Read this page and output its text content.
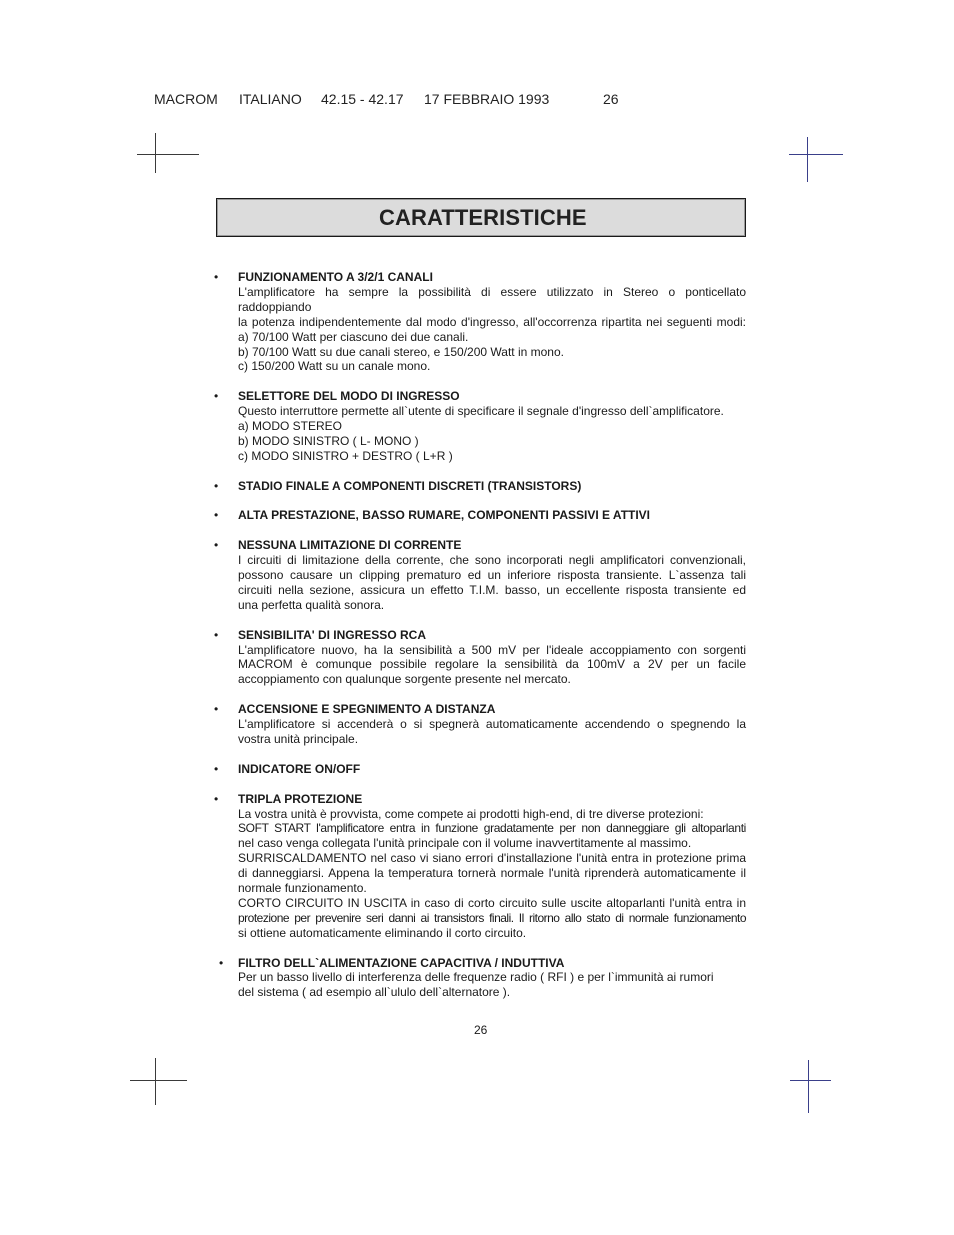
MACROM ITALIANO 42.15 - 42.17 17 FEBBRAIO 1993	26
CARATTERISTICHE
• FUNZIONAMENTO A 3/2/1 CANALI
L'amplificatore ha sempre la possibilità di essere utilizzato in Stereo o ponticellato raddoppiando
la potenza indipendentemente dal modo d'ingresso, all'occorrenza ripartita nei seguenti modi:
a) 70/100 Watt per ciascuno dei due canali.
b) 70/100 Watt su due canali stereo, e 150/200 Watt in mono.
c) 150/200 Watt su un canale mono.
• SELETTORE DEL MODO DI INGRESSO
Questo interruttore permette all`utente di specificare il segnale d'ingresso dell`amplificatore.
a) MODO STEREO
b) MODO SINISTRO ( L- MONO )
c) MODO SINISTRO + DESTRO ( L+R )
• STADIO FINALE A COMPONENTI DISCRETI (TRANSISTORS)
• ALTA PRESTAZIONE, BASSO RUMARE, COMPONENTI PASSIVI E ATTIVI
• NESSUNA LIMITAZIONE DI CORRENTE
I circuiti di limitazione della corrente, che sono incorporati negli amplificatori convenzionali,
possono causare un clipping prematuro ed un inferiore risposta transiente. L`assenza tali
circuiti nella sezione, assicura un effetto T.I.M. basso, un eccellente risposta transiente ed
una perfetta qualità sonora.
• SENSIBILITA' DI INGRESSO RCA
L'amplificatore nuovo, ha la sensibilità a 500 mV per l'ideale accoppiamento con sorgenti
MACROM è comunque possibile regolare la sensibilità da 100mV a 2V per un facile
accoppiamento con qualunque sorgente presente nel mercato.
• ACCENSIONE E SPEGNIMENTO A DISTANZA
L'amplificatore si accenderà o si spegnerà automaticamente accendendo o spegnendo la
vostra unità principale.
• INDICATORE ON/OFF
• TRIPLA PROTEZIONE
La vostra unità è provvista, come compete ai prodotti high-end, di tre diverse protezioni:
SOFT START l'amplificatore entra in funzione gradatamente per non danneggiare gli altoparlanti
nel caso venga collegata l'unità principale con il volume inavvertitamente al massimo.
SURRISCALDAMENTO nel caso vi siano errori d'installazione l'unità entra in protezione prima
di danneggiarsi. Appena la temperatura tornerà normale l'unità riprenderà automaticamente il
normale funzionamento.
CORTO CIRCUITO IN USCITA in caso di corto circuito sulle uscite altoparlanti l'unità entra in
protezione per prevenire seri danni ai transistors finali. Il ritorno allo stato di normale funzionamento
si ottiene automaticamente eliminando il corto circuito.
• FILTRO DELL`ALIMENTAZIONE CAPACITIVA / INDUTTIVA
Per un basso livello di interferenza delle frequenze radio ( RFI ) e per l`immunità ai rumori
del sistema ( ad esempio all`ululo dell`alternatore ).
26
